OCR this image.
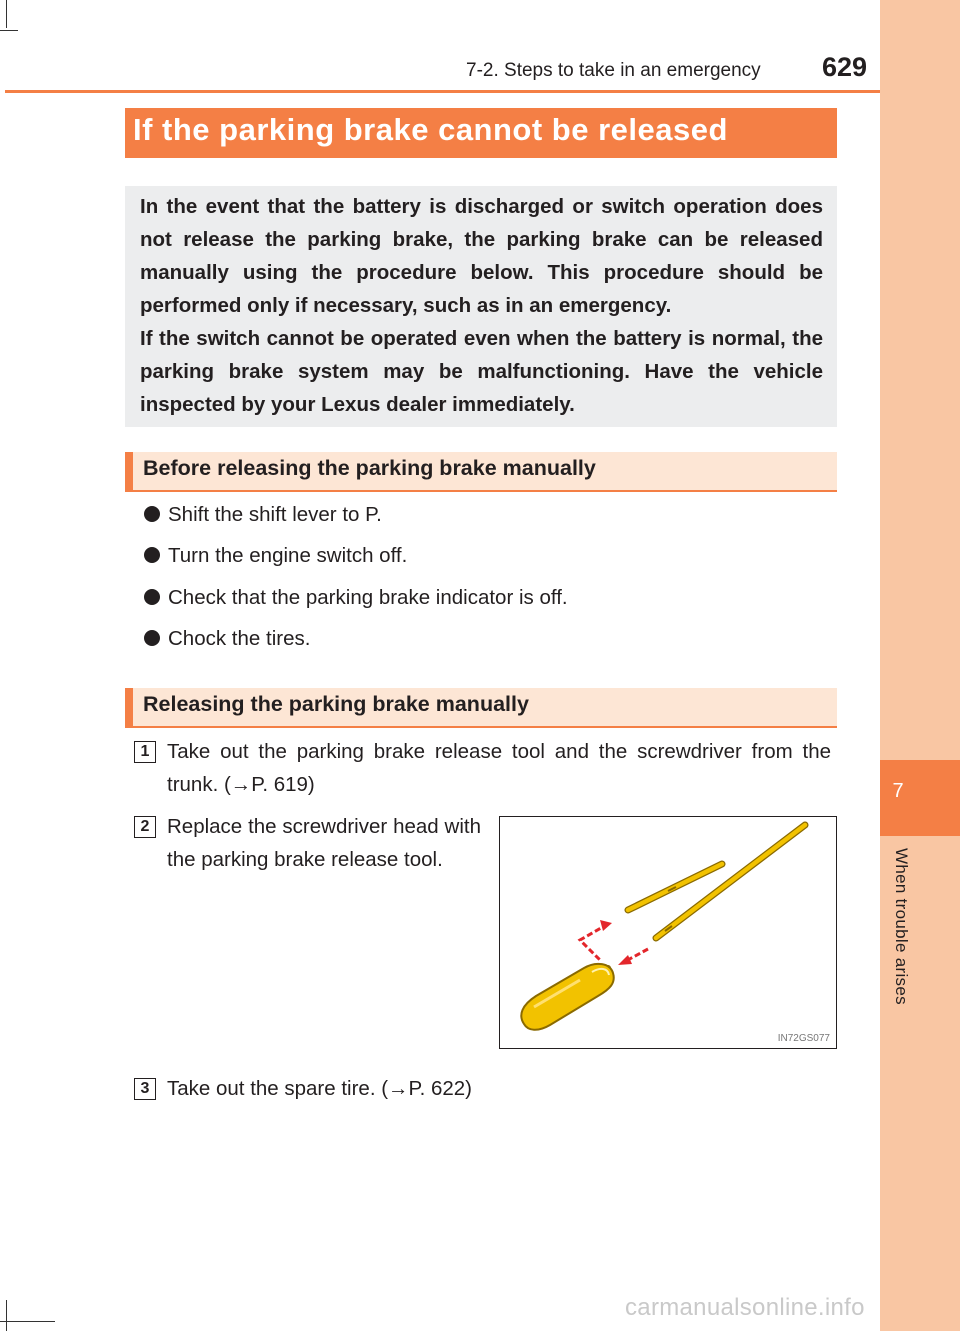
7
When trouble arises
7-2. Steps to take in an emergency 629
If the parking brake cannot be released

In the event that the battery is discharged or switch operation does not release the parking brake, the parking brake can be released manually using the procedure below. This procedure should be performed only if necessary, such as in an emergency.

If the switch cannot be operated even when the battery is normal, the parking brake system may be malfunctioning. Have the vehicle inspected by your Lexus dealer immediately.

Before releasing the parking brake manually
Shift the shift lever to P.
Turn the engine switch off.
Check that the parking brake indicator is off.
Chock the tires.
Releasing the parking brake manually
1 Take out the parking brake release tool and the screwdriver from the trunk. (→P. 619)
2 Replace the screwdriver head with the parking brake release tool.
IN72GS077
3 Take out the spare tire. (→P. 622)
carmanualsonline.info
